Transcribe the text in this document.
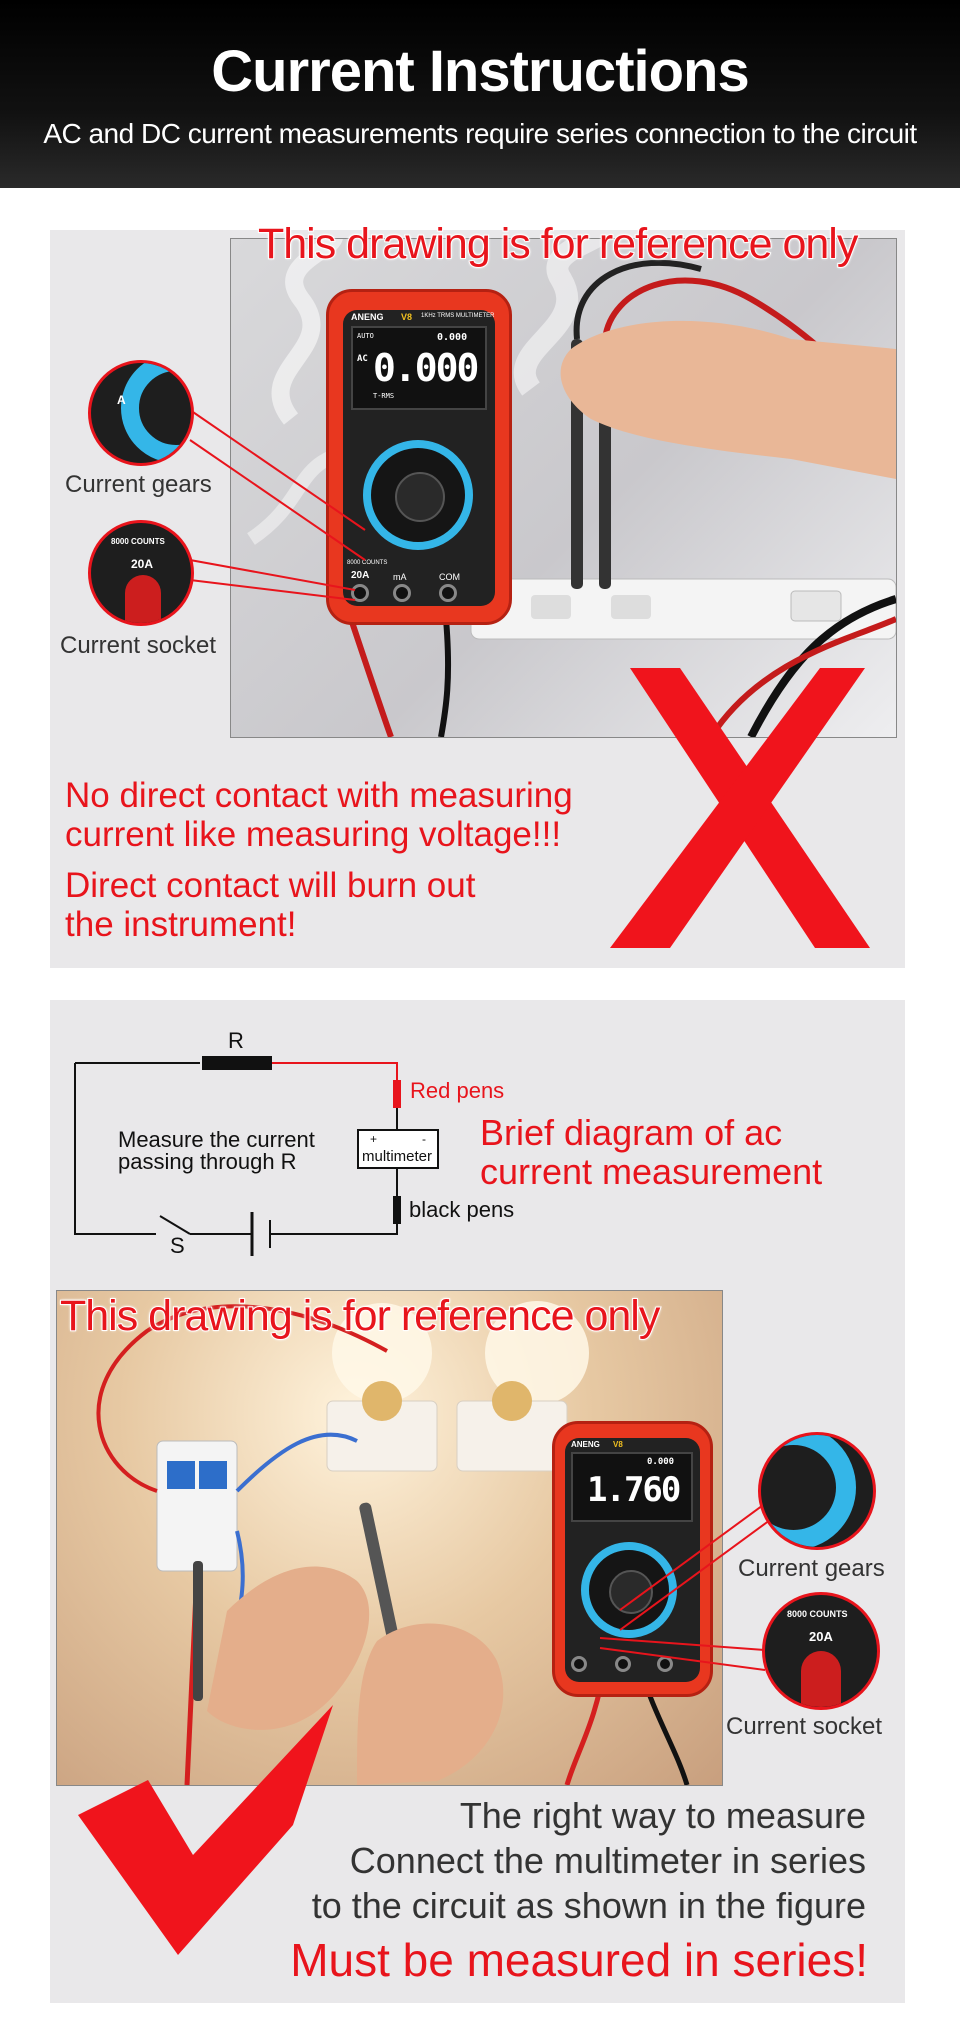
Current Instructions
AC and DC current measurements require series connection to the circuit
ANENG V8 1KHz TRMS MULTIMETER
AUTO
AC
0.000
0.000
T-RMS
8000 COUNTS
20A	mA	COM
This drawing is for reference only
A
Current gears
8000 COUNTS
20A
Current socket
No direct contact with measuring
current like measuring voltage!!!
Direct contact will burn out
the instrument!
R
Red pens
black pens
S
+	-
multimeter
Measure the current
passing through R
Brief diagram of ac
current measurement
ANENG V8
0.000
1.760
This drawing is for reference only
Current gears
8000 COUNTS
20A
Current socket
The right way to measure
Connect the multimeter in series
to the circuit as shown in the figure
Must be measured in series!
